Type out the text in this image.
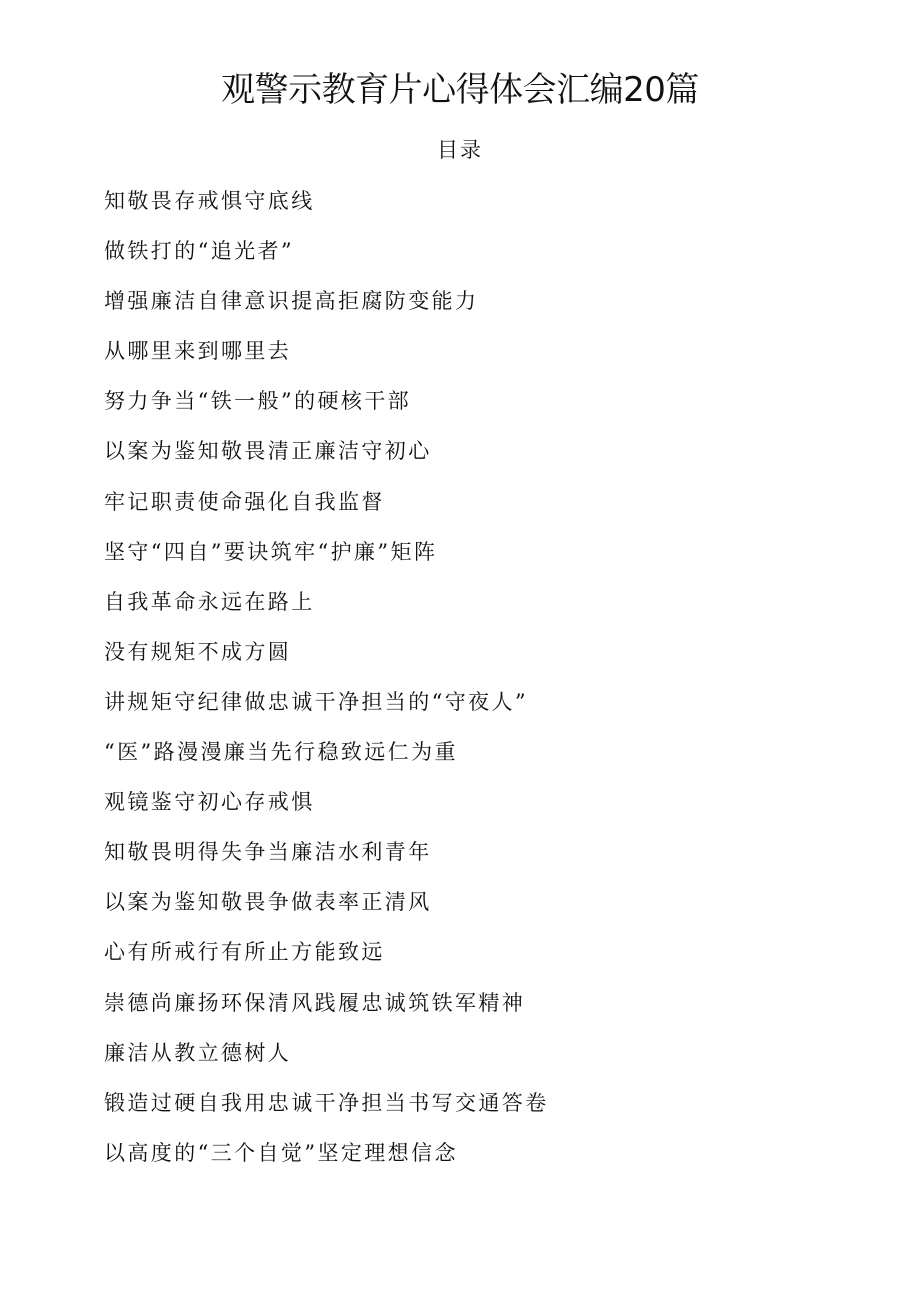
观警示教育片心得体会汇编20篇
目录
知敬畏存戒惧守底线
做铁打的“追光者”
增强廉洁自律意识提高拒腐防变能力
从哪里来到哪里去
努力争当“铁一般”的硬核干部
以案为鉴知敬畏清正廉洁守初心
牢记职责使命强化自我监督
坚守“四自”要诀筑牢“护廉”矩阵
自我革命永远在路上
没有规矩不成方圆
讲规矩守纪律做忠诚干净担当的“守夜人”
“医”路漫漫廉当先行稳致远仁为重
观镜鉴守初心存戒惧
知敬畏明得失争当廉洁水利青年
以案为鉴知敬畏争做表率正清风
心有所戒行有所止方能致远
崇德尚廉扬环保清风践履忠诚筑铁军精神
廉洁从教立德树人
锻造过硬自我用忠诚干净担当书写交通答卷
以高度的“三个自觉”坚定理想信念
